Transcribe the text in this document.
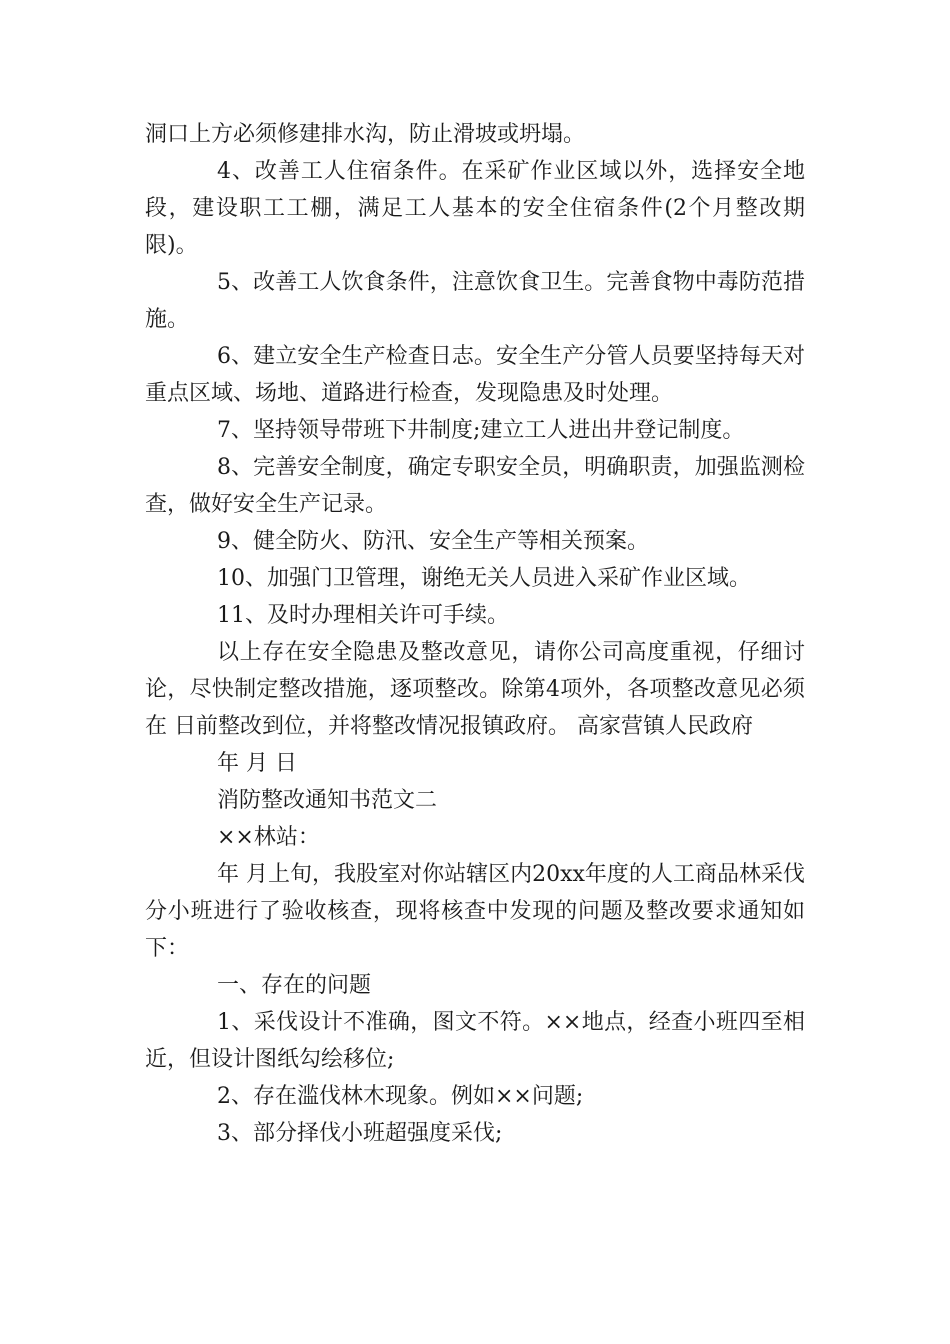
洞口上方必须修建排水沟，防止滑坡或坍塌。

4、改善工人住宿条件。在采矿作业区域以外，选择安全地段，建设职工工棚，满足工人基本的安全住宿条件(2个月整改期限)。

5、改善工人饮食条件，注意饮食卫生。完善食物中毒防范措施。

6、建立安全生产检查日志。安全生产分管人员要坚持每天对重点区域、场地、道路进行检查，发现隐患及时处理。

7、坚持领导带班下井制度;建立工人进出井登记制度。

8、完善安全制度，确定专职安全员，明确职责，加强监测检查，做好安全生产记录。

9、健全防火、防汛、安全生产等相关预案。

10、加强门卫管理，谢绝无关人员进入采矿作业区域。

11、及时办理相关许可手续。

以上存在安全隐患及整改意见，请你公司高度重视，仔细讨论，尽快制定整改措施，逐项整改。除第4项外，各项整改意见必须在 日前整改到位，并将整改情况报镇政府。 高家营镇人民政府

年 月 日

消防整改通知书范文二

××林站：

年 月上旬，我股室对你站辖区内20xx年度的人工商品林采伐分小班进行了验收核查，现将核查中发现的问题及整改要求通知如下：

一、存在的问题

1、采伐设计不准确，图文不符。××地点，经查小班四至相近，但设计图纸勾绘移位;

2、存在滥伐林木现象。例如××问题;

3、部分择伐小班超强度采伐;
